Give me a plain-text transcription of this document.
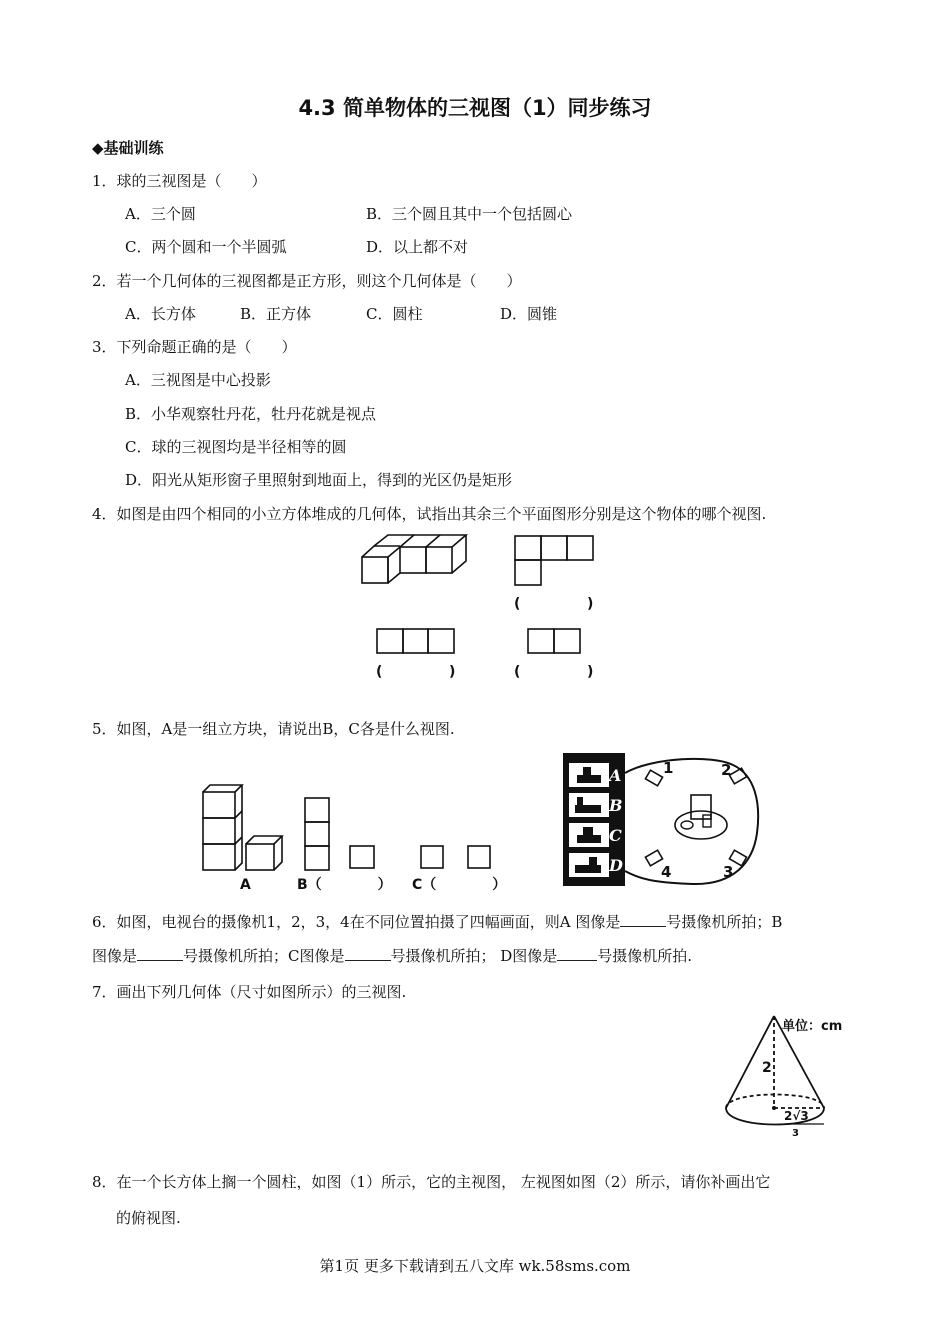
4.3 简单物体的三视图（1）同步练习
◆基础训练
1．球的三视图是（　　）
A．三个圆	B．三个圆且其中一个包括圆心
C．两个圆和一个半圆弧	D．以上都不对
2．若一个几何体的三视图都是正方形，则这个几何体是（　　）
A．长方体	B．正方体	C．圆柱	D．圆锥
3．下列命题正确的是（　　）
A．三视图是中心投影
B．小华观察牡丹花，牡丹花就是视点
C．球的三视图均是半径相等的圆
D．阳光从矩形窗子里照射到地面上，得到的光区仍是矩形
4．如图是由四个相同的小立方体堆成的几何体，试指出其余三个平面图形分别是这个物体的哪个视图.
(	)
(	)	(	)
5．如图，A是一组立方块，请说出B，C各是什么视图.
A	B（　　　　） C（　　　　）
A
B
C
D
1	2
3
4
6．如图，电视台的摄像机1，2，3，4在不同位置拍摄了四幅画面，则A 图像是	号摄像机所拍；B
图像是	号摄像机所拍；C图像是	号摄像机所拍； D图像是	号摄像机所拍.
7．画出下列几何体（尺寸如图所示）的三视图.
单位：cm
2
2√3
3
8．在一个长方体上搁一个圆柱，如图（1）所示，它的主视图， 左视图如图（2）所示，请你补画出它
的俯视图.
第1页 更多下载请到五八文库 wk.58sms.com
